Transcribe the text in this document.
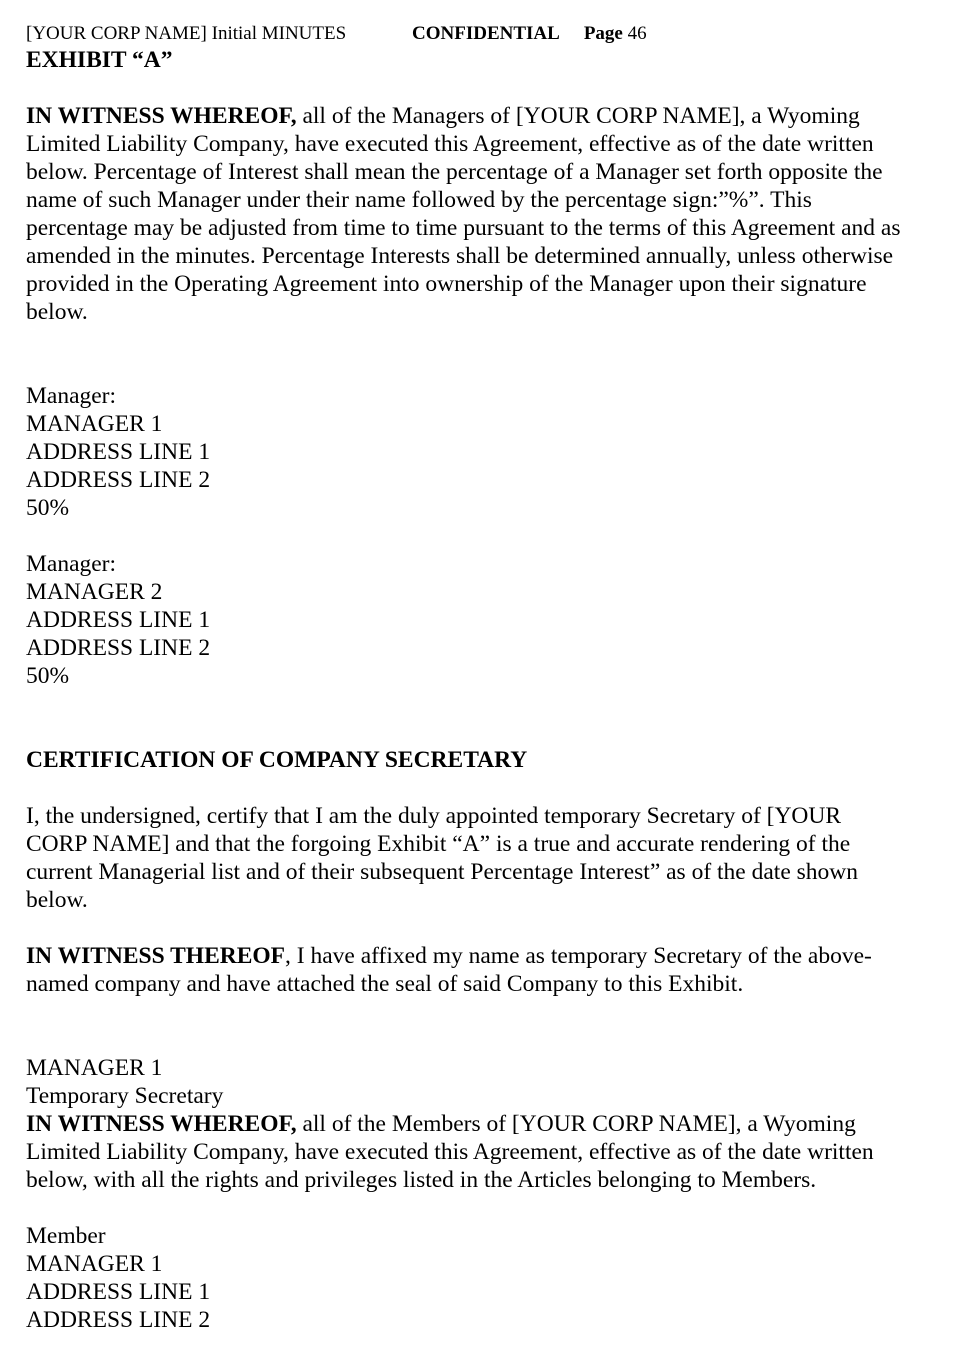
[YOUR CORP NAME] Initial MINUTES	CONFIDENTIAL Page 46
EXHIBIT “A”

IN WITNESS WHEREOF, all of the Managers of [YOUR CORP NAME], a Wyoming Limited Liability Company, have executed this Agreement, effective as of the date written below. Percentage of Interest shall mean the percentage of a Manager set forth opposite the name of such Manager under their name followed by the percentage sign:”%”. This percentage may be adjusted from time to time pursuant to the terms of this Agreement and as amended in the minutes. Percentage Interests shall be determined annually, unless otherwise provided in the Operating Agreement into ownership of the Manager upon their signature below.

Manager:
MANAGER 1
ADDRESS LINE 1
ADDRESS LINE 2
50%
Manager:
MANAGER 2
ADDRESS LINE 1
ADDRESS LINE 2
50%
CERTIFICATION OF COMPANY SECRETARY

I, the undersigned, certify that I am the duly appointed temporary Secretary of [YOUR CORP NAME] and that the forgoing Exhibit “A” is a true and accurate rendering of the current Managerial list and of their subsequent Percentage Interest” as of the date shown below.

IN WITNESS THEREOF, I have affixed my name as temporary Secretary of the above-named company and have attached the seal of said Company to this Exhibit.

MANAGER 1
Temporary Secretary

IN WITNESS WHEREOF, all of the Members of [YOUR CORP NAME], a Wyoming Limited Liability Company, have executed this Agreement, effective as of the date written below, with all the rights and privileges listed in the Articles belonging to Members.

Member
MANAGER 1
ADDRESS LINE 1
ADDRESS LINE 2
